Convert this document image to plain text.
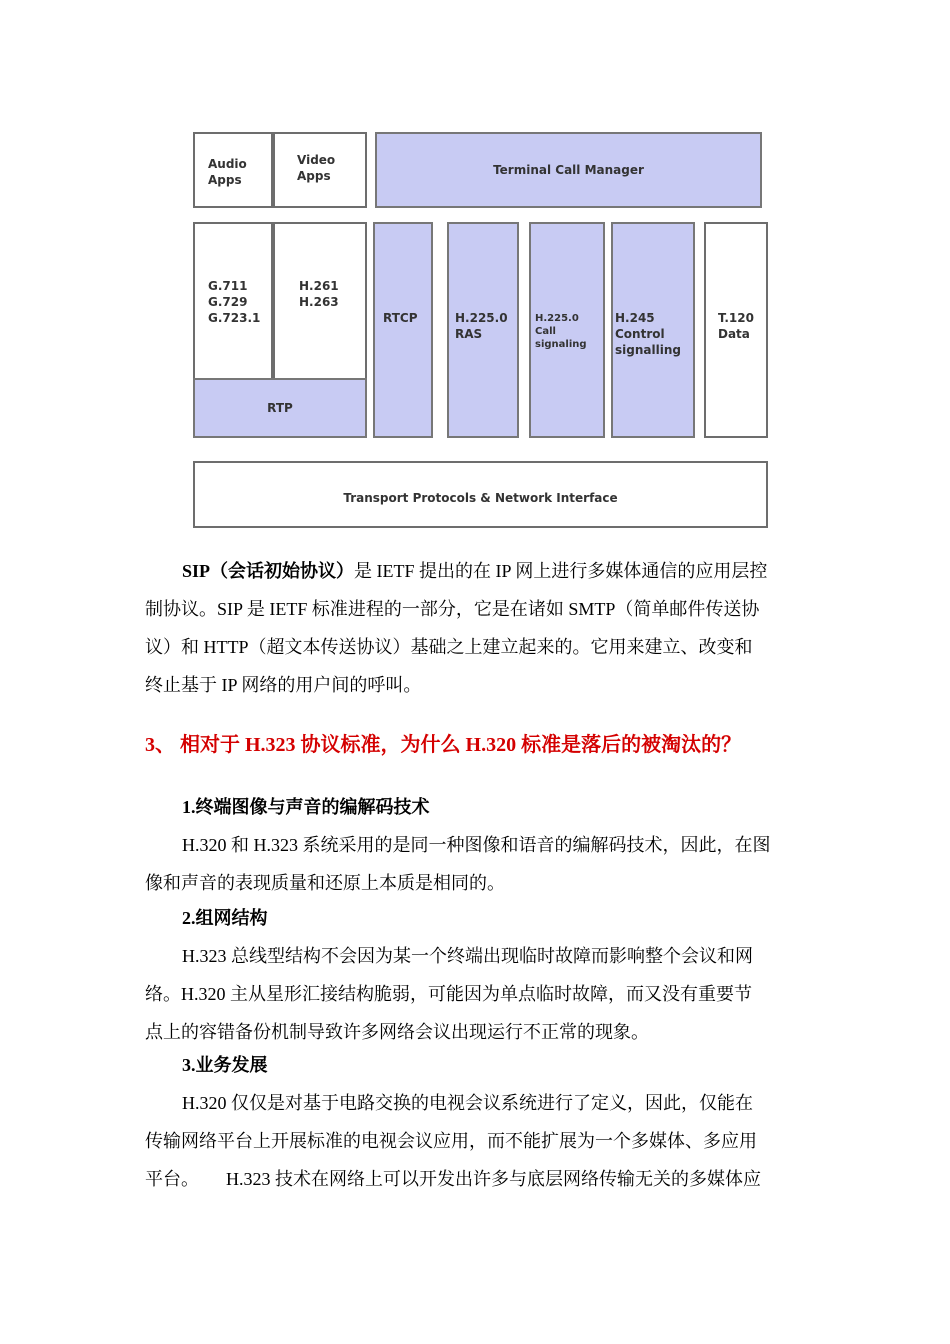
Audio
Apps

Video
Apps	Terminal Call Manager

G.711
G.729
G.723.1

H.261
H.263

RTP

RTCP	H.225.0
RAS

H.225.0
Call
signaling

H.245
Control
signalling

T.120
Data

Transport Protocols & Network Interface

SIP（会话初始协议）是 IETF 提出的在 IP 网上进行多媒体通信的应用层控
制协议。SIP 是 IETF 标准进程的一部分，它是在诸如 SMTP（简单邮件传送协
议）和 HTTP（超文本传送协议）基础之上建立起来的。它用来建立、改变和
终止基于 IP 网络的用户间的呼叫。
3、 相对于 H.323 协议标准，为什么 H.320 标准是落后的被淘汰的？
1.终端图像与声音的编解码技术
H.320 和 H.323 系统采用的是同一种图像和语音的编解码技术，因此，在图
像和声音的表现质量和还原上本质是相同的。
2.组网结构
H.323 总线型结构不会因为某一个终端出现临时故障而影响整个会议和网
络。H.320 主从星形汇接结构脆弱，可能因为单点临时故障，而又没有重要节
点上的容错备份机制导致许多网络会议出现运行不正常的现象。
3.业务发展
H.320 仅仅是对基于电路交换的电视会议系统进行了定义，因此，仅能在
传输网络平台上开展标准的电视会议应用，而不能扩展为一个多媒体、多应用
平台。      H.323 技术在网络上可以开发出许多与底层网络传输无关的多媒体应
